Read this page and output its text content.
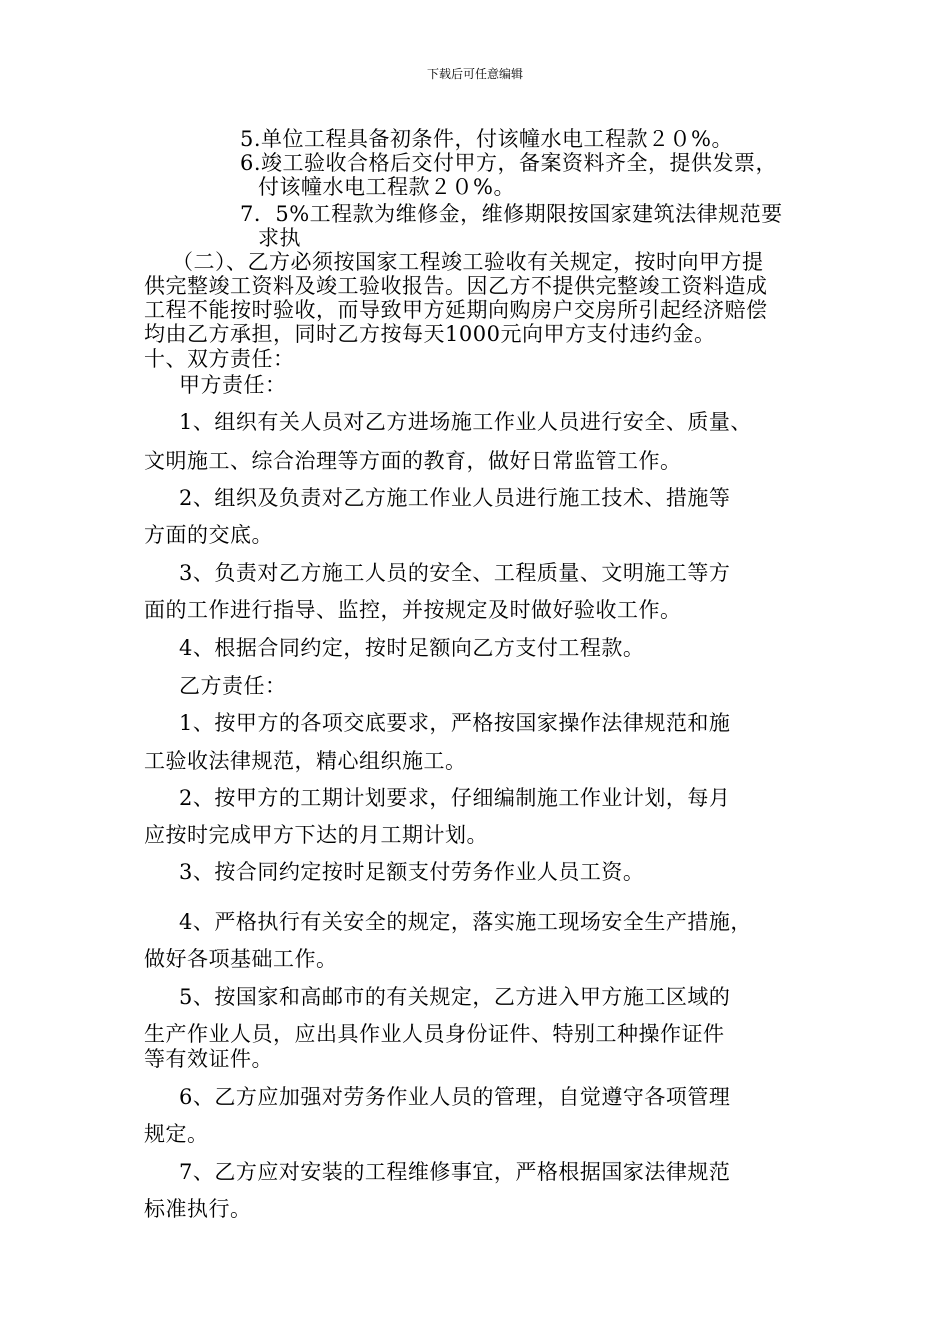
下载后可任意编辑
5.单位工程具备初条件，付该幢水电工程款２０%。
6.竣工验收合格后交付甲方，备案资料齐全，提供发票，
付该幢水电工程款２０%。
7．5%工程款为维修金，维修期限按国家建筑法律规范要
求执
（二）、乙方必须按国家工程竣工验收有关规定，按时向甲方提
供完整竣工资料及竣工验收报告。因乙方不提供完整竣工资料造成
工程不能按时验收，而导致甲方延期向购房户交房所引起经济赔偿
均由乙方承担，同时乙方按每天1000元向甲方支付违约金。
十、双方责任：
甲方责任：
1、组织有关人员对乙方进场施工作业人员进行安全、质量、
文明施工、综合治理等方面的教育，做好日常监管工作。
2、组织及负责对乙方施工作业人员进行施工技术、措施等
方面的交底。
3、负责对乙方施工人员的安全、工程质量、文明施工等方
面的工作进行指导、监控，并按规定及时做好验收工作。
4、根据合同约定，按时足额向乙方支付工程款。
乙方责任：
1、按甲方的各项交底要求，严格按国家操作法律规范和施
工验收法律规范，精心组织施工。
2、按甲方的工期计划要求，仔细编制施工作业计划，每月
应按时完成甲方下达的月工期计划。
3、按合同约定按时足额支付劳务作业人员工资。
4、严格执行有关安全的规定，落实施工现场安全生产措施，
做好各项基础工作。
5、按国家和高邮市的有关规定，乙方进入甲方施工区域的
生产作业人员，应出具作业人员身份证件、特别工种操作证件
等有效证件。
6、乙方应加强对劳务作业人员的管理，自觉遵守各项管理
规定。
7、乙方应对安装的工程维修事宜，严格根据国家法律规范
标准执行。
